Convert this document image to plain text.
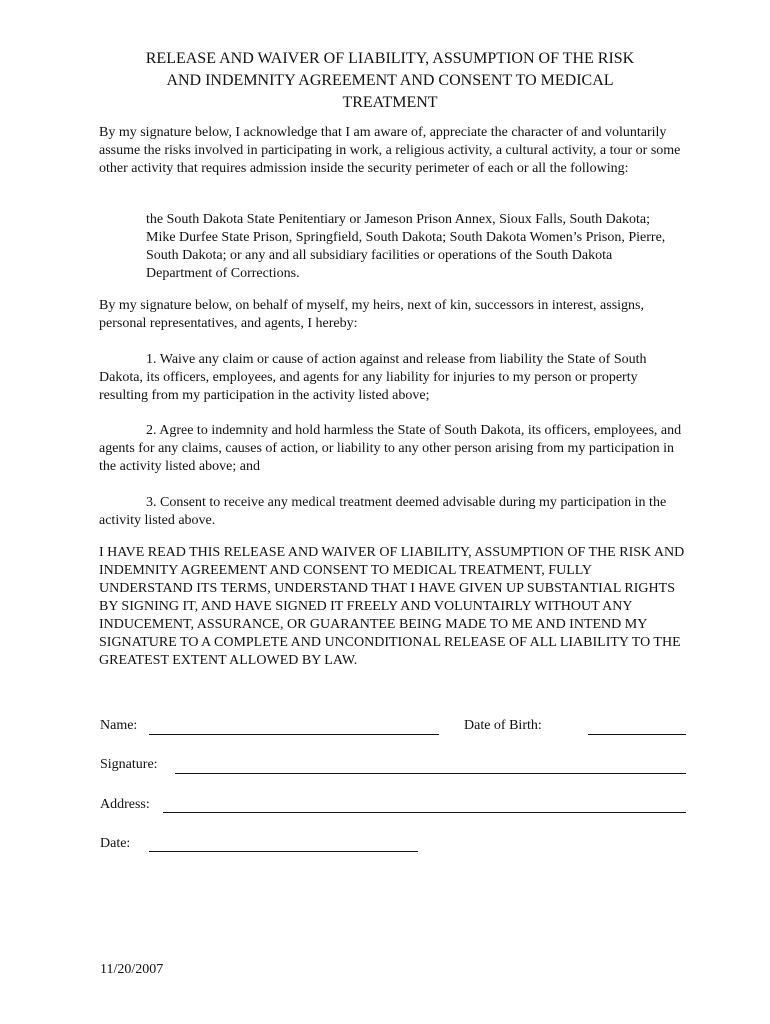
RELEASE AND WAIVER OF LIABILITY, ASSUMPTION OF THE RISK
AND INDEMNITY AGREEMENT AND CONSENT TO MEDICAL
TREATMENT

By my signature below, I acknowledge that I am aware of, appreciate the character of and voluntarily assume the risks involved in participating in work, a religious activity, a cultural activity, a tour or some other activity that requires admission inside the security perimeter of each or all the following:

the South Dakota State Penitentiary or Jameson Prison Annex, Sioux Falls, South Dakota; Mike Durfee State Prison, Springfield, South Dakota; South Dakota Women’s Prison, Pierre, South Dakota; or any and all subsidiary facilities or operations of the South Dakota Department of Corrections.

By my signature below, on behalf of myself, my heirs, next of kin, successors in interest, assigns, personal representatives, and agents, I hereby:

1. Waive any claim or cause of action against and release from liability the State of South Dakota, its officers, employees, and agents for any liability for injuries to my person or property resulting from my participation in the activity listed above;

2. Agree to indemnity and hold harmless the State of South Dakota, its officers, employees, and agents for any claims, causes of action, or liability to any other person arising from my participation in the activity listed above; and

3. Consent to receive any medical treatment deemed advisable during my participation in the activity listed above.

I HAVE READ THIS RELEASE AND WAIVER OF LIABILITY, ASSUMPTION OF THE RISK AND INDEMNITY AGREEMENT AND CONSENT TO MEDICAL TREATMENT, FULLY UNDERSTAND ITS TERMS, UNDERSTAND THAT I HAVE GIVEN UP SUBSTANTIAL RIGHTS BY SIGNING IT, AND HAVE SIGNED IT FREELY AND VOLUNTAIRLY WITHOUT ANY INDUCEMENT, ASSURANCE, OR GUARANTEE BEING MADE TO ME AND INTEND MY SIGNATURE TO A COMPLETE AND UNCONDITIONAL RELEASE OF ALL LIABILITY TO THE GREATEST EXTENT ALLOWED BY LAW.

Name:	Date of Birth:
Signature:
Address:
Date:
11/20/2007
